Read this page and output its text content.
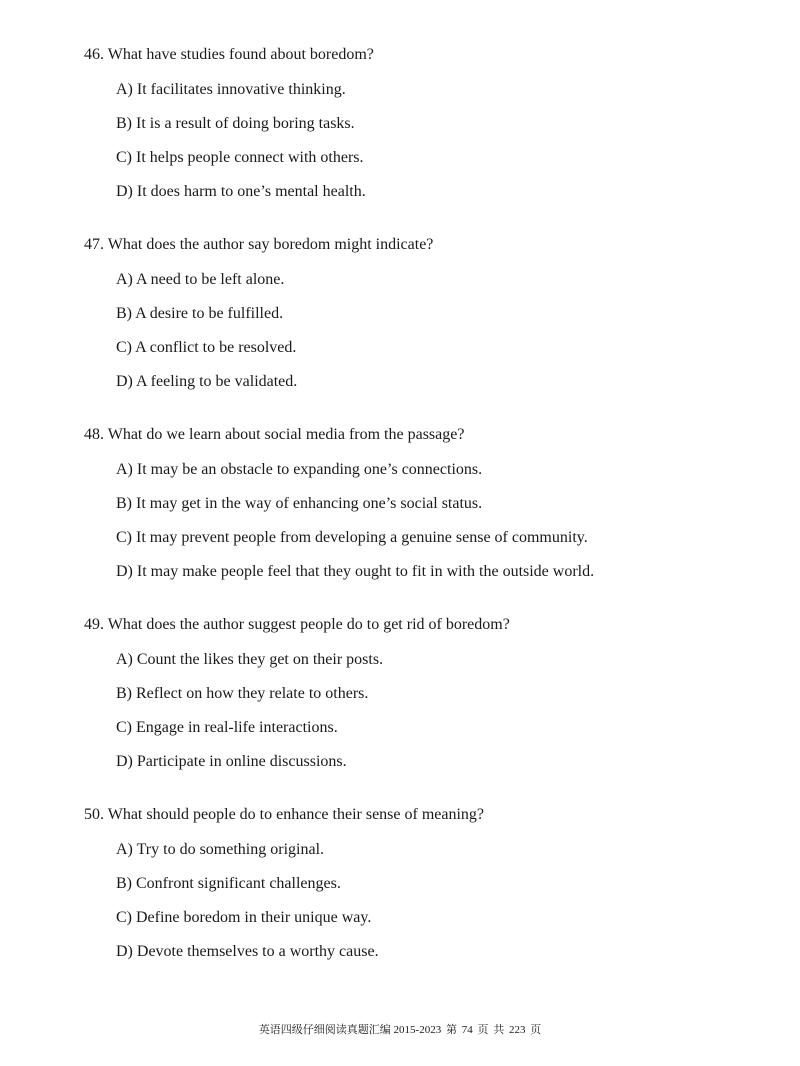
46. What have studies found about boredom?
A) It facilitates innovative thinking.
B) It is a result of doing boring tasks.
C) It helps people connect with others.
D) It does harm to one’s mental health.
47. What does the author say boredom might indicate?
A) A need to be left alone.
B) A desire to be fulfilled.
C) A conflict to be resolved.
D) A feeling to be validated.
48. What do we learn about social media from the passage?
A) It may be an obstacle to expanding one’s connections.
B) It may get in the way of enhancing one’s social status.
C) It may prevent people from developing a genuine sense of community.
D) It may make people feel that they ought to fit in with the outside world.
49. What does the author suggest people do to get rid of boredom?
A) Count the likes they get on their posts.
B) Reflect on how they relate to others.
C) Engage in real-life interactions.
D) Participate in online discussions.
50. What should people do to enhance their sense of meaning?
A) Try to do something original.
B) Confront significant challenges.
C) Define boredom in their unique way.
D) Devote themselves to a worthy cause.
英语四级仔细阅读真题汇编 2015-2023 第 74 页 共 223 页
